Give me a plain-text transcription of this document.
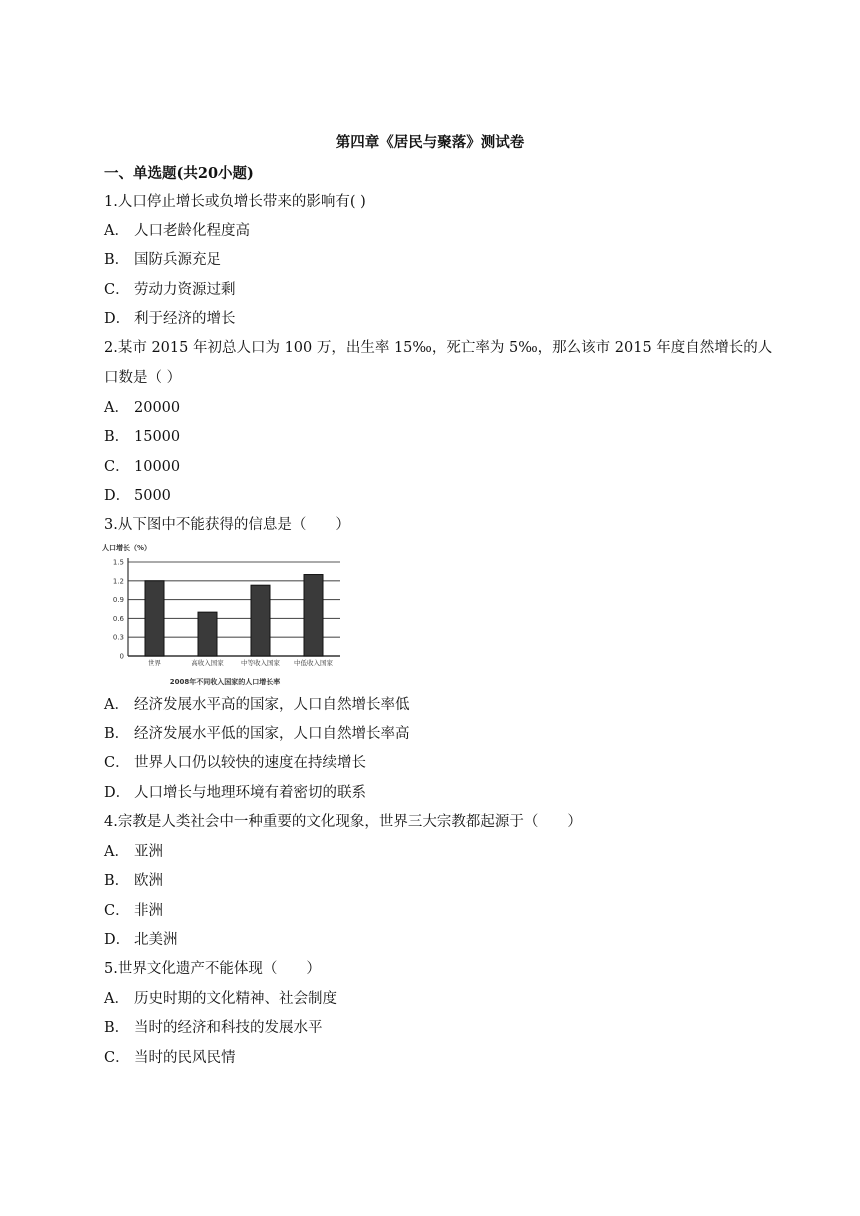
第四章《居民与聚落》测试卷
一、单选题(共20小题)
1.人口停止增长或负增长带来的影响有( )
A． 人口老龄化程度高
B． 国防兵源充足
C． 劳动力资源过剩
D． 利于经济的增长
2.某市 2015 年初总人口为 100 万，出生率 15‰，死亡率为 5‰，那么该市 2015 年度自然增长的人
口数是（ ）
A． 20000
B． 15000
C． 10000
D． 5000
3.从下图中不能获得的信息是（　　）
A． 经济发展水平高的国家，人口自然增长率低
B． 经济发展水平低的国家，人口自然增长率高
C． 世界人口仍以较快的速度在持续增长
D． 人口增长与地理环境有着密切的联系
4.宗教是人类社会中一种重要的文化现象，世界三大宗教都起源于（　　）
A． 亚洲
B． 欧洲
C． 非洲
D． 北美洲
5.世界文化遗产不能体现（　　）
A． 历史时期的文化精神、社会制度
B． 当时的经济和科技的发展水平
C． 当时的民风民情
人口增长（%）
0
0.3
0.6
0.9
1.2
1.5
世界	高收入国家	中等收入国家 中低收入国家
2008年不同收入国家的人口增长率
